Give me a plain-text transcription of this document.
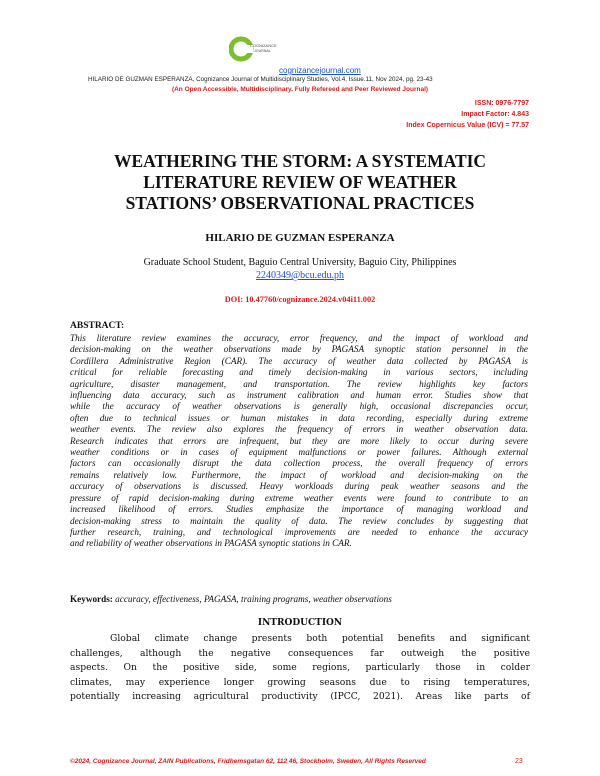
COGNIZANCE
JOURNAL
cognizancejournal.com
HILARIO DE GUZMAN ESPERANZA, Cognizance Journal of Multidisciplinary Studies, Vol.4, Issue.11, Nov 2024, pg. 23-43
(An Open Accessible, Multidisciplinary, Fully Refereed and Peer Reviewed Journal)
ISSN: 0976-7797
Impact Factor: 4.843
Index Copernicus Value (ICV) = 77.57
WEATHERING THE STORM: A SYSTEMATIC
LITERATURE REVIEW OF WEATHER
STATIONS’ OBSERVATIONAL PRACTICES
HILARIO DE GUZMAN ESPERANZA
Graduate School Student, Baguio Central University, Baguio City, Philippines
2240349@bcu.edu.ph
DOI: 10.47760/cognizance.2024.v04i11.002
ABSTRACT:
This literature review examines the accuracy, error frequency, and the impact of workload and
decision-making on the weather observations made by PAGASA synoptic station personnel in the
Cordillera Administrative Region (CAR). The accuracy of weather data collected by PAGASA is
critical for reliable forecasting and timely decision-making in various sectors, including
agriculture, disaster management, and transportation. The review highlights key factors
influencing data accuracy, such as instrument calibration and human error. Studies show that
while the accuracy of weather observations is generally high, occasional discrepancies occur,
often due to technical issues or human mistakes in data recording, especially during extreme
weather events. The review also explores the frequency of errors in weather observation data.
Research indicates that errors are infrequent, but they are more likely to occur during severe
weather conditions or in cases of equipment malfunctions or power failures. Although external
factors can occasionally disrupt the data collection process, the overall frequency of errors
remains relatively low. Furthermore, the impact of workload and decision-making on the
accuracy of observations is discussed. Heavy workloads during peak weather seasons and the
pressure of rapid decision-making during extreme weather events were found to contribute to an
increased likelihood of errors. Studies emphasize the importance of managing workload and
decision-making stress to maintain the quality of data. The review concludes by suggesting that
further research, training, and technological improvements are needed to enhance the accuracy
and reliability of weather observations in PAGASA synoptic stations in CAR.
Keywords: accuracy, effectiveness, PAGASA, training programs, weather observations
INTRODUCTION
Global climate change presents both potential benefits and significant
challenges, although the negative consequences far outweigh the positive
aspects. On the positive side, some regions, particularly those in colder
climates, may experience longer growing seasons due to rising temperatures,
potentially increasing agricultural productivity (IPCC, 2021). Areas like parts of
©2024, Cognizance Journal, ZAIN Publications, Fridhemsgatan 62, 112 46, Stockholm, Sweden, All Rights Reserved	23
